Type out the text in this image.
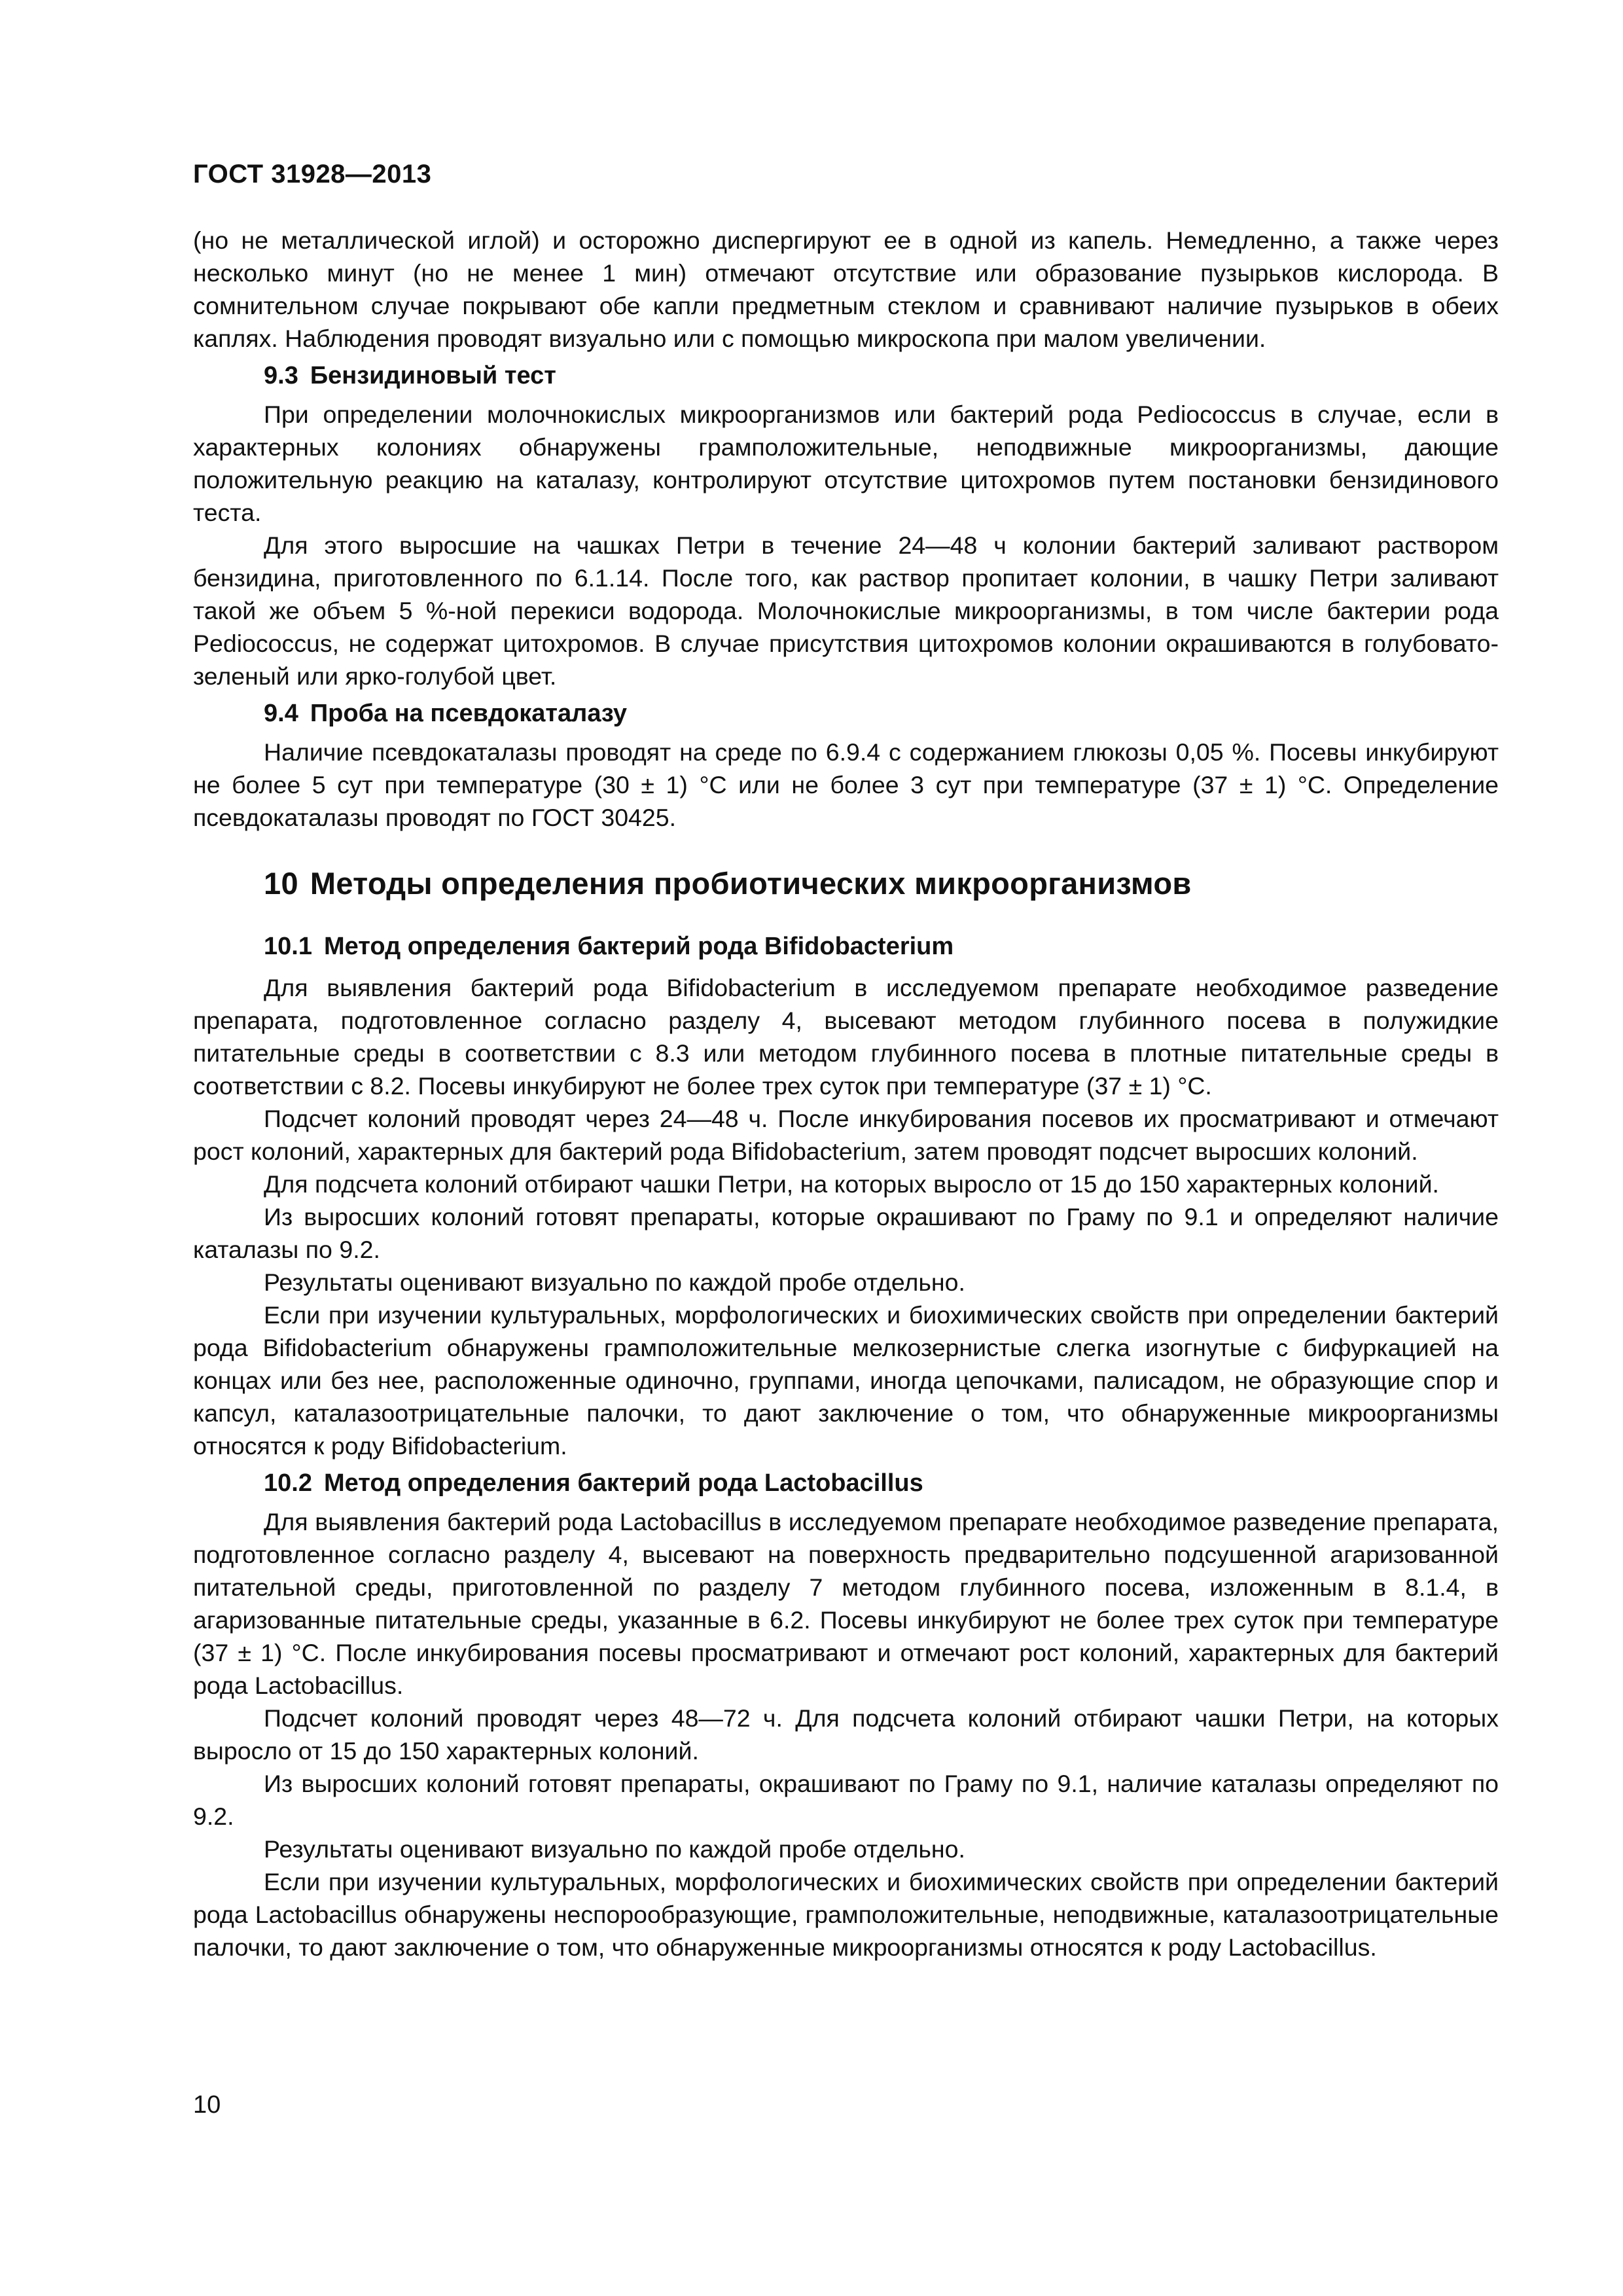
ГОСТ 31928—2013

(но не металлической иглой) и осторожно диспергируют ее в одной из капель. Немедленно, а также через несколько минут (но не менее 1 мин) отмечают отсутствие или образование пузырьков кислорода. В сомнительном случае покрывают обе капли предметным стеклом и сравнивают наличие пузырьков в обеих каплях. Наблюдения проводят визуально или с помощью микроскопа при малом увеличении.

9.3 Бензидиновый тест

При определении молочнокислых микроорганизмов или бактерий рода Pediococcus в случае, если в характерных колониях обнаружены грамположительные, неподвижные микроорганизмы, дающие положительную реакцию на каталазу, контролируют отсутствие цитохромов путем постановки бензидинового теста.

Для этого выросшие на чашках Петри в течение 24—48 ч колонии бактерий заливают раствором бензидина, приготовленного по 6.1.14. После того, как раствор пропитает колонии, в чашку Петри заливают такой же объем 5 %-ной перекиси водорода. Молочнокислые микроорганизмы, в том числе бактерии рода Pediococcus, не содержат цитохромов. В случае присутствия цитохромов колонии окрашиваются в голубовато-зеленый или ярко-голубой цвет.

9.4 Проба на псевдокаталазу

Наличие псевдокаталазы проводят на среде по 6.9.4 с содержанием глюкозы 0,05 %. Посевы инкубируют не более 5 сут при температуре (30 ± 1) °С или не более 3 сут при температуре (37 ± 1) °С. Определение псевдокаталазы проводят по ГОСТ 30425.

10 Методы определения пробиотических микроорганизмов
10.1 Метод определения бактерий рода Bifidobacterium

Для выявления бактерий рода Bifidobacterium в исследуемом препарате необходимое разведение препарата, подготовленное согласно разделу 4, высевают методом глубинного посева в полужидкие питательные среды в соответствии с 8.3 или методом глубинного посева в плотные питательные среды в соответствии с 8.2. Посевы инкубируют не более трех суток при температуре (37 ± 1) °С.

Подсчет колоний проводят через 24—48 ч. После инкубирования посевов их просматривают и отмечают рост колоний, характерных для бактерий рода Bifidobacterium, затем проводят подсчет выросших колоний.

Для подсчета колоний отбирают чашки Петри, на которых выросло от 15 до 150 характерных колоний.

Из выросших колоний готовят препараты, которые окрашивают по Граму по 9.1 и определяют наличие каталазы по 9.2.

Результаты оценивают визуально по каждой пробе отдельно.

Если при изучении культуральных, морфологических и биохимических свойств при определении бактерий рода Bifidobacterium обнаружены грамположительные мелкозернистые слегка изогнутые с бифуркацией на концах или без нее, расположенные одиночно, группами, иногда цепочками, палисадом, не образующие спор и капсул, каталазоотрицательные палочки, то дают заключение о том, что обнаруженные микроорганизмы относятся к роду Bifidobacterium.

10.2 Метод определения бактерий рода Lactobacillus

Для выявления бактерий рода Lactobacillus в исследуемом препарате необходимое разведение препарата, подготовленное согласно разделу 4, высевают на поверхность предварительно подсушенной агаризованной питательной среды, приготовленной по разделу 7 методом глубинного посева, изложенным в 8.1.4, в агаризованные питательные среды, указанные в 6.2. Посевы инкубируют не более трех суток при температуре (37 ± 1) °С. После инкубирования посевы просматривают и отмечают рост колоний, характерных для бактерий рода Lactobacillus.

Подсчет колоний проводят через 48—72 ч. Для подсчета колоний отбирают чашки Петри, на которых выросло от 15 до 150 характерных колоний.

Из выросших колоний готовят препараты, окрашивают по Граму по 9.1, наличие каталазы определяют по 9.2.

Результаты оценивают визуально по каждой пробе отдельно.

Если при изучении культуральных, морфологических и биохимических свойств при определении бактерий рода Lactobacillus обнаружены неспорообразующие, грамположительные, неподвижные, каталазоотрицательные палочки, то дают заключение о том, что обнаруженные микроорганизмы относятся к роду Lactobacillus.

10
